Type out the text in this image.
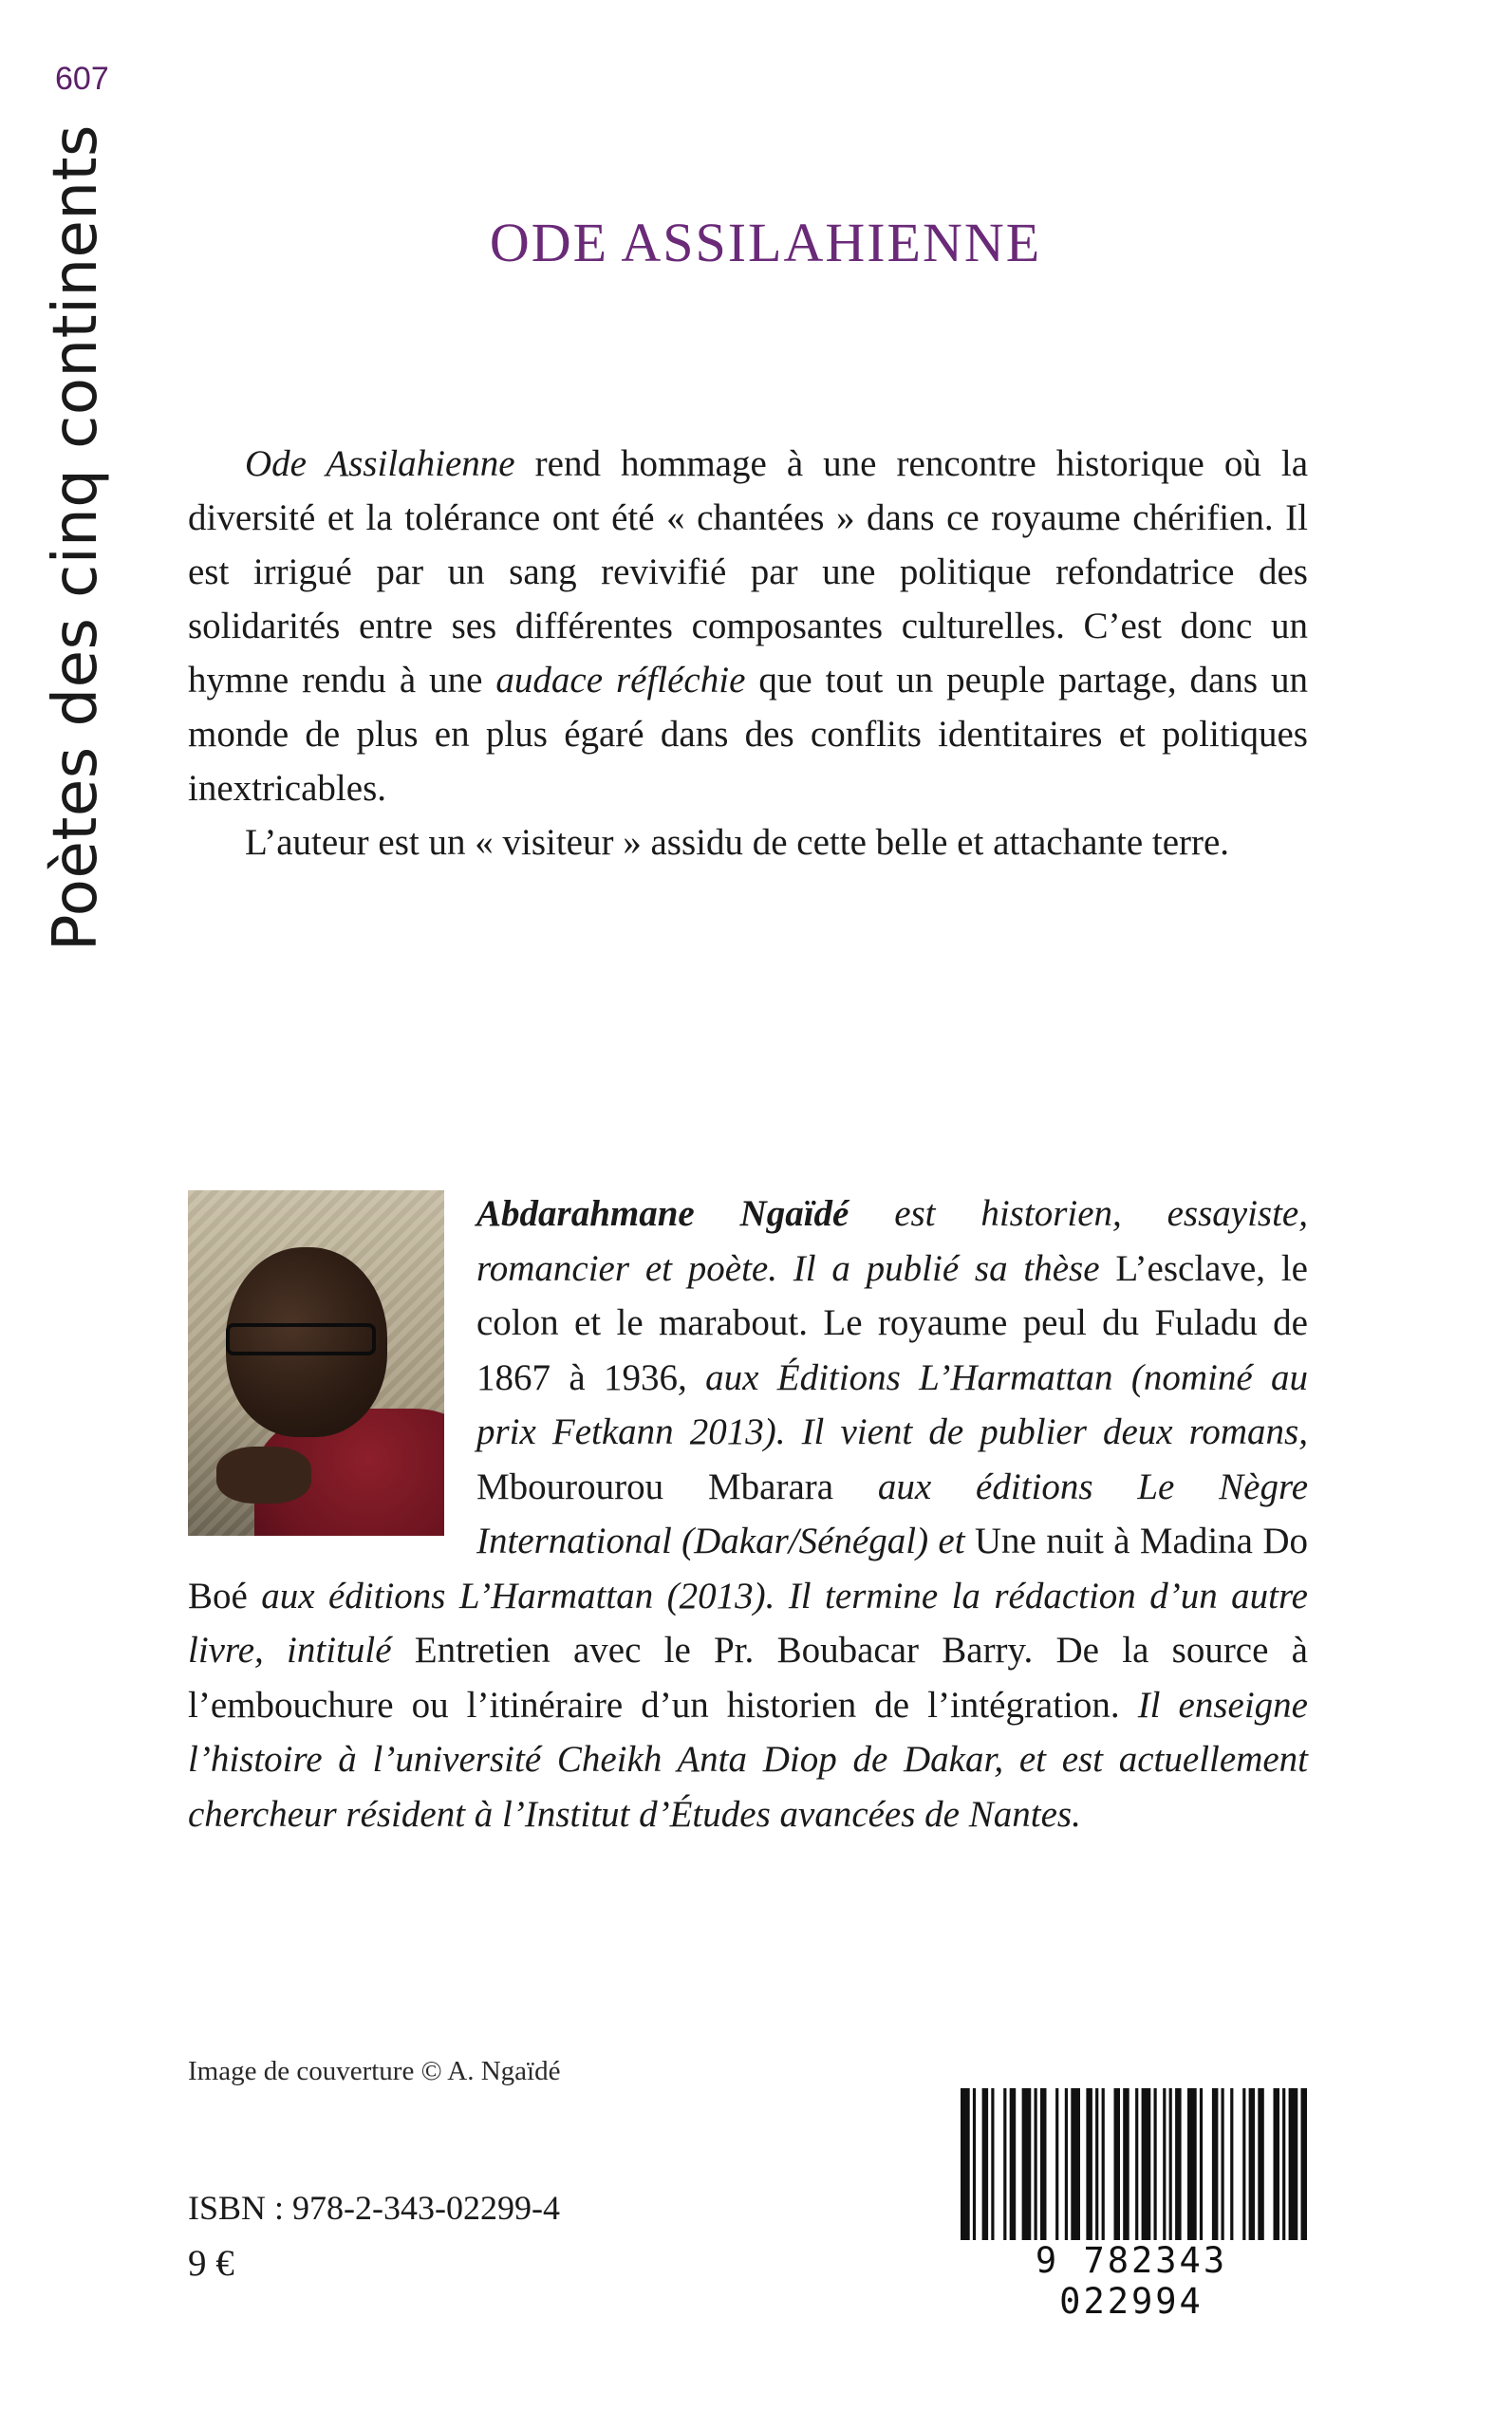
607
Poètes des cinq continents	ODE ASSILAHIENNE

Ode Assilahienne rend hommage à une rencontre historique où la diversité et la tolérance ont été « chantées » dans ce royaume chérifien. Il est irrigué par un sang revivifié par une politique refondatrice des solidarités entre ses différentes composantes culturelles. C’est donc un hymne rendu à une audace réfléchie que tout un peuple partage, dans un monde de plus en plus égaré dans des conflits identitaires et politiques inextricables.

L’auteur est un « visiteur » assidu de cette belle et attachante terre.

Abdarahmane Ngaïdé est historien, essayiste, romancier et poète. Il a publié sa thèse L’esclave, le colon et le marabout. Le royaume peul du Fuladu de 1867 à 1936, aux Éditions L’Harmattan (nominé au prix Fetkann 2013). Il vient de publier deux romans, Mbourourou Mbarara aux éditions Le Nègre International (Dakar/Sénégal) et Une nuit à Madina Do Boé aux éditions L’Harmattan (2013). Il termine la rédaction d’un autre livre, intitulé Entretien avec le Pr. Boubacar Barry. De la source à l’embouchure ou l’itinéraire d’un historien de l’intégration. Il enseigne l’histoire à l’université Cheikh Anta Diop de Dakar, et est actuellement chercheur résident à l’Institut d’Études avancées de Nantes.
Image de couverture © A. Ngaïdé
ISBN : 978-2-343-02299-4
9 €	9 782343 022994
